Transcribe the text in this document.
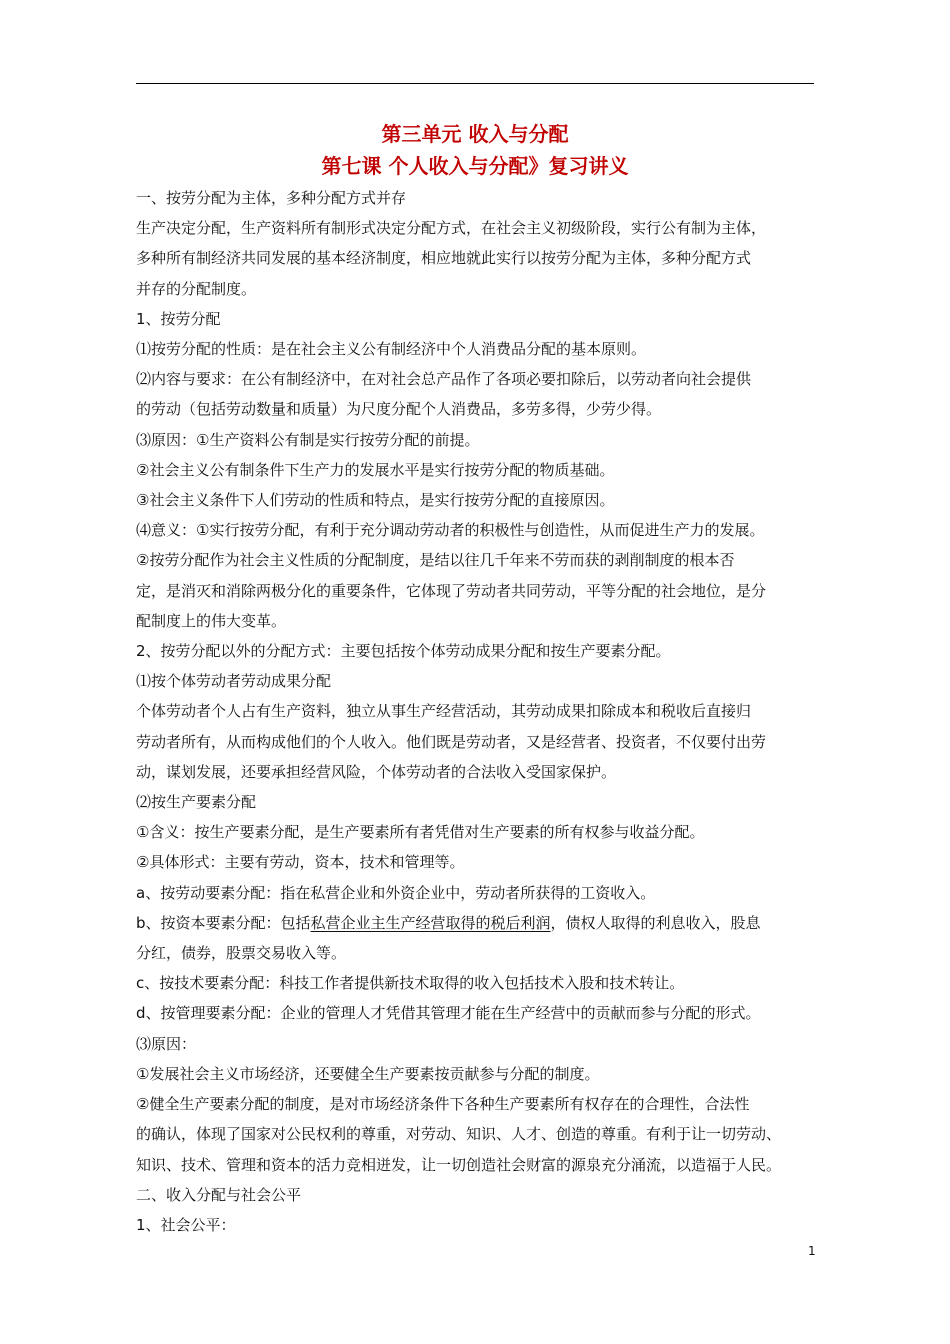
第三单元 收入与分配
第七课 个人收入与分配》复习讲义

一、按劳分配为主体，多种分配方式并存

生产决定分配，生产资料所有制形式决定分配方式，在社会主义初级阶段，实行公有制为主体，

多种所有制经济共同发展的基本经济制度，相应地就此实行以按劳分配为主体，多种分配方式

并存的分配制度。

1、按劳分配

⑴按劳分配的性质：是在社会主义公有制经济中个人消费品分配的基本原则。

⑵内容与要求：在公有制经济中，在对社会总产品作了各项必要扣除后，以劳动者向社会提供

的劳动（包括劳动数量和质量）为尺度分配个人消费品，多劳多得，少劳少得。

⑶原因：①生产资料公有制是实行按劳分配的前提。

②社会主义公有制条件下生产力的发展水平是实行按劳分配的物质基础。

③社会主义条件下人们劳动的性质和特点，是实行按劳分配的直接原因。

⑷意义：①实行按劳分配，有利于充分调动劳动者的积极性与创造性，从而促进生产力的发展。

②按劳分配作为社会主义性质的分配制度，是结以往几千年来不劳而获的剥削制度的根本否

定，是消灭和消除两极分化的重要条件，它体现了劳动者共同劳动，平等分配的社会地位，是分

配制度上的伟大变革。

2、按劳分配以外的分配方式：主要包括按个体劳动成果分配和按生产要素分配。

⑴按个体劳动者劳动成果分配

个体劳动者个人占有生产资料，独立从事生产经营活动，其劳动成果扣除成本和税收后直接归

劳动者所有，从而构成他们的个人收入。他们既是劳动者，又是经营者、投资者，不仅要付出劳

动，谋划发展，还要承担经营风险，个体劳动者的合法收入受国家保护。

⑵按生产要素分配

①含义：按生产要素分配，是生产要素所有者凭借对生产要素的所有权参与收益分配。

②具体形式：主要有劳动，资本，技术和管理等。

a、按劳动要素分配：指在私营企业和外资企业中，劳动者所获得的工资收入。

b、按资本要素分配：包括私营企业主生产经营取得的税后利润，债权人取得的利息收入，股息

分红，债券，股票交易收入等。

c、按技术要素分配：科技工作者提供新技术取得的收入包括技术入股和技术转让。

d、按管理要素分配：企业的管理人才凭借其管理才能在生产经营中的贡献而参与分配的形式。

⑶原因：

①发展社会主义市场经济，还要健全生产要素按贡献参与分配的制度。

②健全生产要素分配的制度，是对市场经济条件下各种生产要素所有权存在的合理性，合法性

的确认，体现了国家对公民权利的尊重，对劳动、知识、人才、创造的尊重。有利于让一切劳动、

知识、技术、管理和资本的活力竞相迸发，让一切创造社会财富的源泉充分涌流，以造福于人民。

二、收入分配与社会公平

1、社会公平：

1
